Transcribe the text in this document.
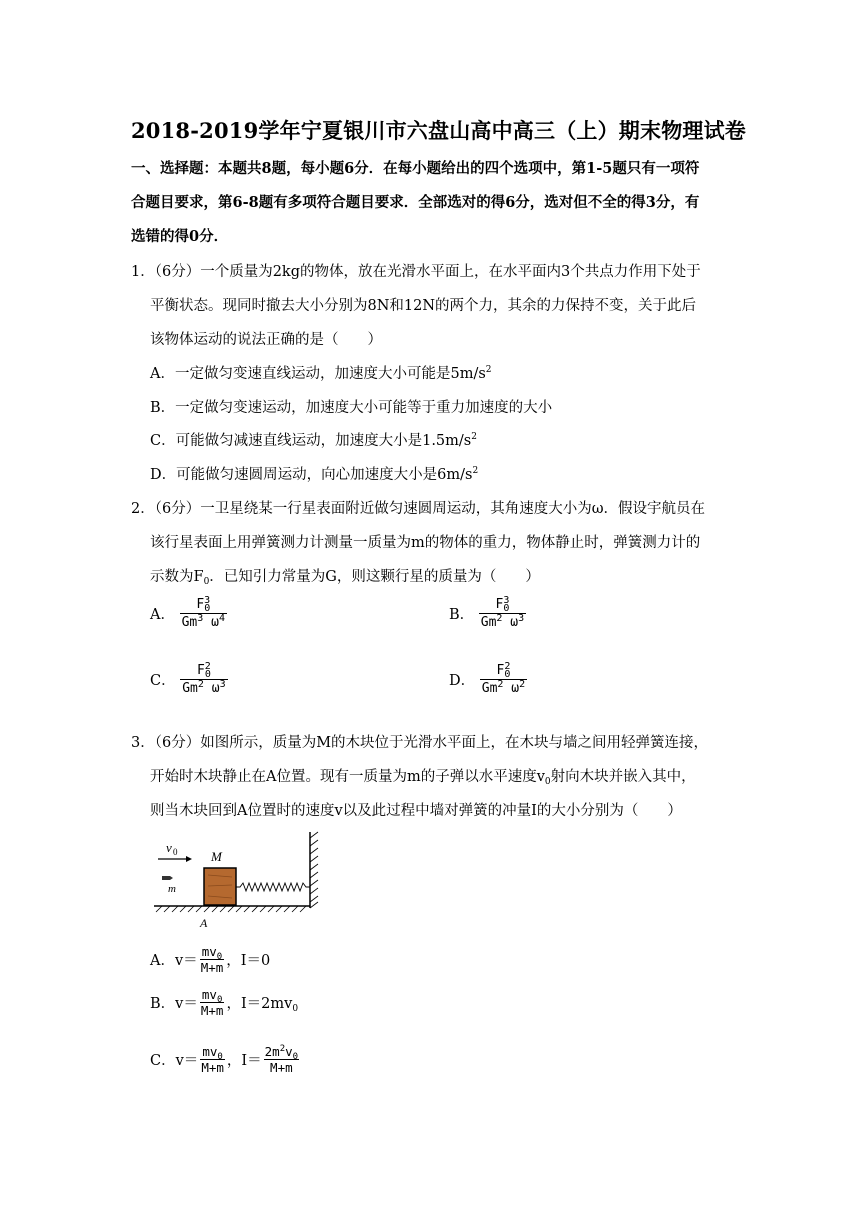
2018-2019学年宁夏银川市六盘山高中高三（上）期末物理试卷
一、选择题：本题共8题，每小题6分．在每小题给出的四个选项中，第1-5题只有一项符
合题目要求，第6-8题有多项符合题目要求．全部选对的得6分，选对但不全的得3分，有
选错的得0分．
1．（6分）一个质量为2kg的物体，放在光滑水平面上，在水平面内3个共点力作用下处于
平衡状态。现同时撤去大小分别为8N和12N的两个力，其余的力保持不变，关于此后
该物体运动的说法正确的是（　　）
A．一定做匀变速直线运动，加速度大小可能是$5m/s^2$
B．一定做匀变速运动，加速度大小可能等于重力加速度的大小
C．可能做匀减速直线运动，加速度大小是$1.5m/s^2$
D．可能做匀速圆周运动，向心加速度大小是$6m/s^2$
2．（6分）一卫星绕某一行星表面附近做匀速圆周运动，其角速度大小为ω．假设宇航员在
该行星表面上用弹簧测力计测量一质量为m的物体的重力，物体静止时，弹簧测力计的
示数为$F_0$．已知引力常量为G，则这颗行星的质量为（　　）
A． $\frac{F^3_0}{Gm^3 \omega^4}$	B． $\frac{F^3_0}{Gm^2 \omega^3}$
C． $\frac{F^2_0}{Gm^2 \omega^3}$	D． $\frac{F^2_0}{Gm^2 \omega^2}$
3．（6分）如图所示，质量为M的木块位于光滑水平面上，在木块与墙之间用轻弹簧连接，
开始时木块静止在A位置。现有一质量为m的子弹以水平速度$v_0$射向木块并嵌入其中，
则当木块回到A位置时的速度v以及此过程中墙对弹簧的冲量I的大小分别为（　　）
v 0
m
M
A
A．$v= \frac{mv_0}{M+m}$ ，I＝0
B．$v= \frac{mv_0}{M+m}$ ，$I=2mv_0$
C．$v= \frac{mv_0}{M+m}$ ，$I= \frac{2m^2v_0}{M+m}$
